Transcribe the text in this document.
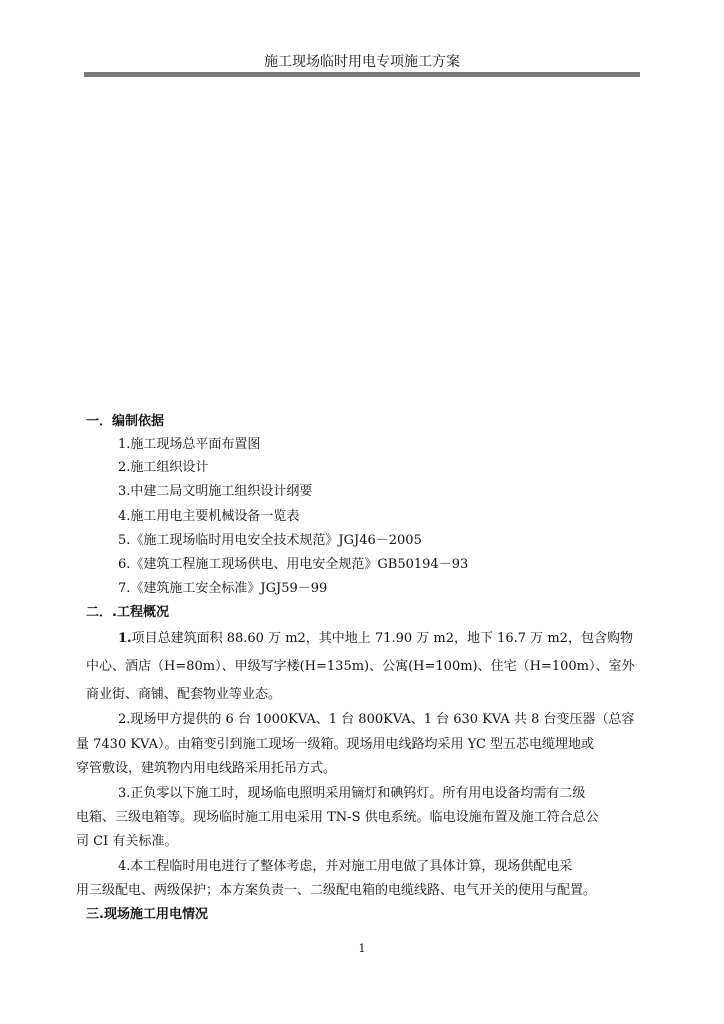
施工现场临时用电专项施工方案
一．编制依据
1.施工现场总平面布置图
2.施工组织设计
3.中建二局文明施工组织设计纲要
4.施工用电主要机械设备一览表
5.《施工现场临时用电安全技术规范》JGJ46－2005
6.《建筑工程施工现场供电、用电安全规范》GB50194－93
7.《建筑施工安全标准》JGJ59－99
二．.工程概况
1.项目总建筑面积 88.60 万 m2，其中地上 71.90 万 m2，地下 16.7 万 m2，包含购物
中心、酒店（H=80m）、甲级写字楼(H=135m)、公寓(H=100m)、住宅（H=100m）、室外
商业街、商铺、配套物业等业态。
2.现场甲方提供的 6 台 1000KVA、1 台 800KVA、1 台 630 KVA 共 8 台变压器（总容
量 7430 KVA）。由箱变引到施工现场一级箱。现场用电线路均采用 YC 型五芯电缆埋地或
穿管敷设，建筑物内用电线路采用托吊方式。
3.正负零以下施工时，现场临电照明采用镝灯和碘钨灯。所有用电设备均需有二级
电箱、三级电箱等。现场临时施工用电采用 TN-S 供电系统。临电设施布置及施工符合总公
司 CI 有关标准。
4.本工程临时用电进行了整体考虑，并对施工用电做了具体计算，现场供配电采
用三级配电、两级保护；本方案负责一、二级配电箱的电缆线路、电气开关的使用与配置。
三.现场施工用电情况
1
